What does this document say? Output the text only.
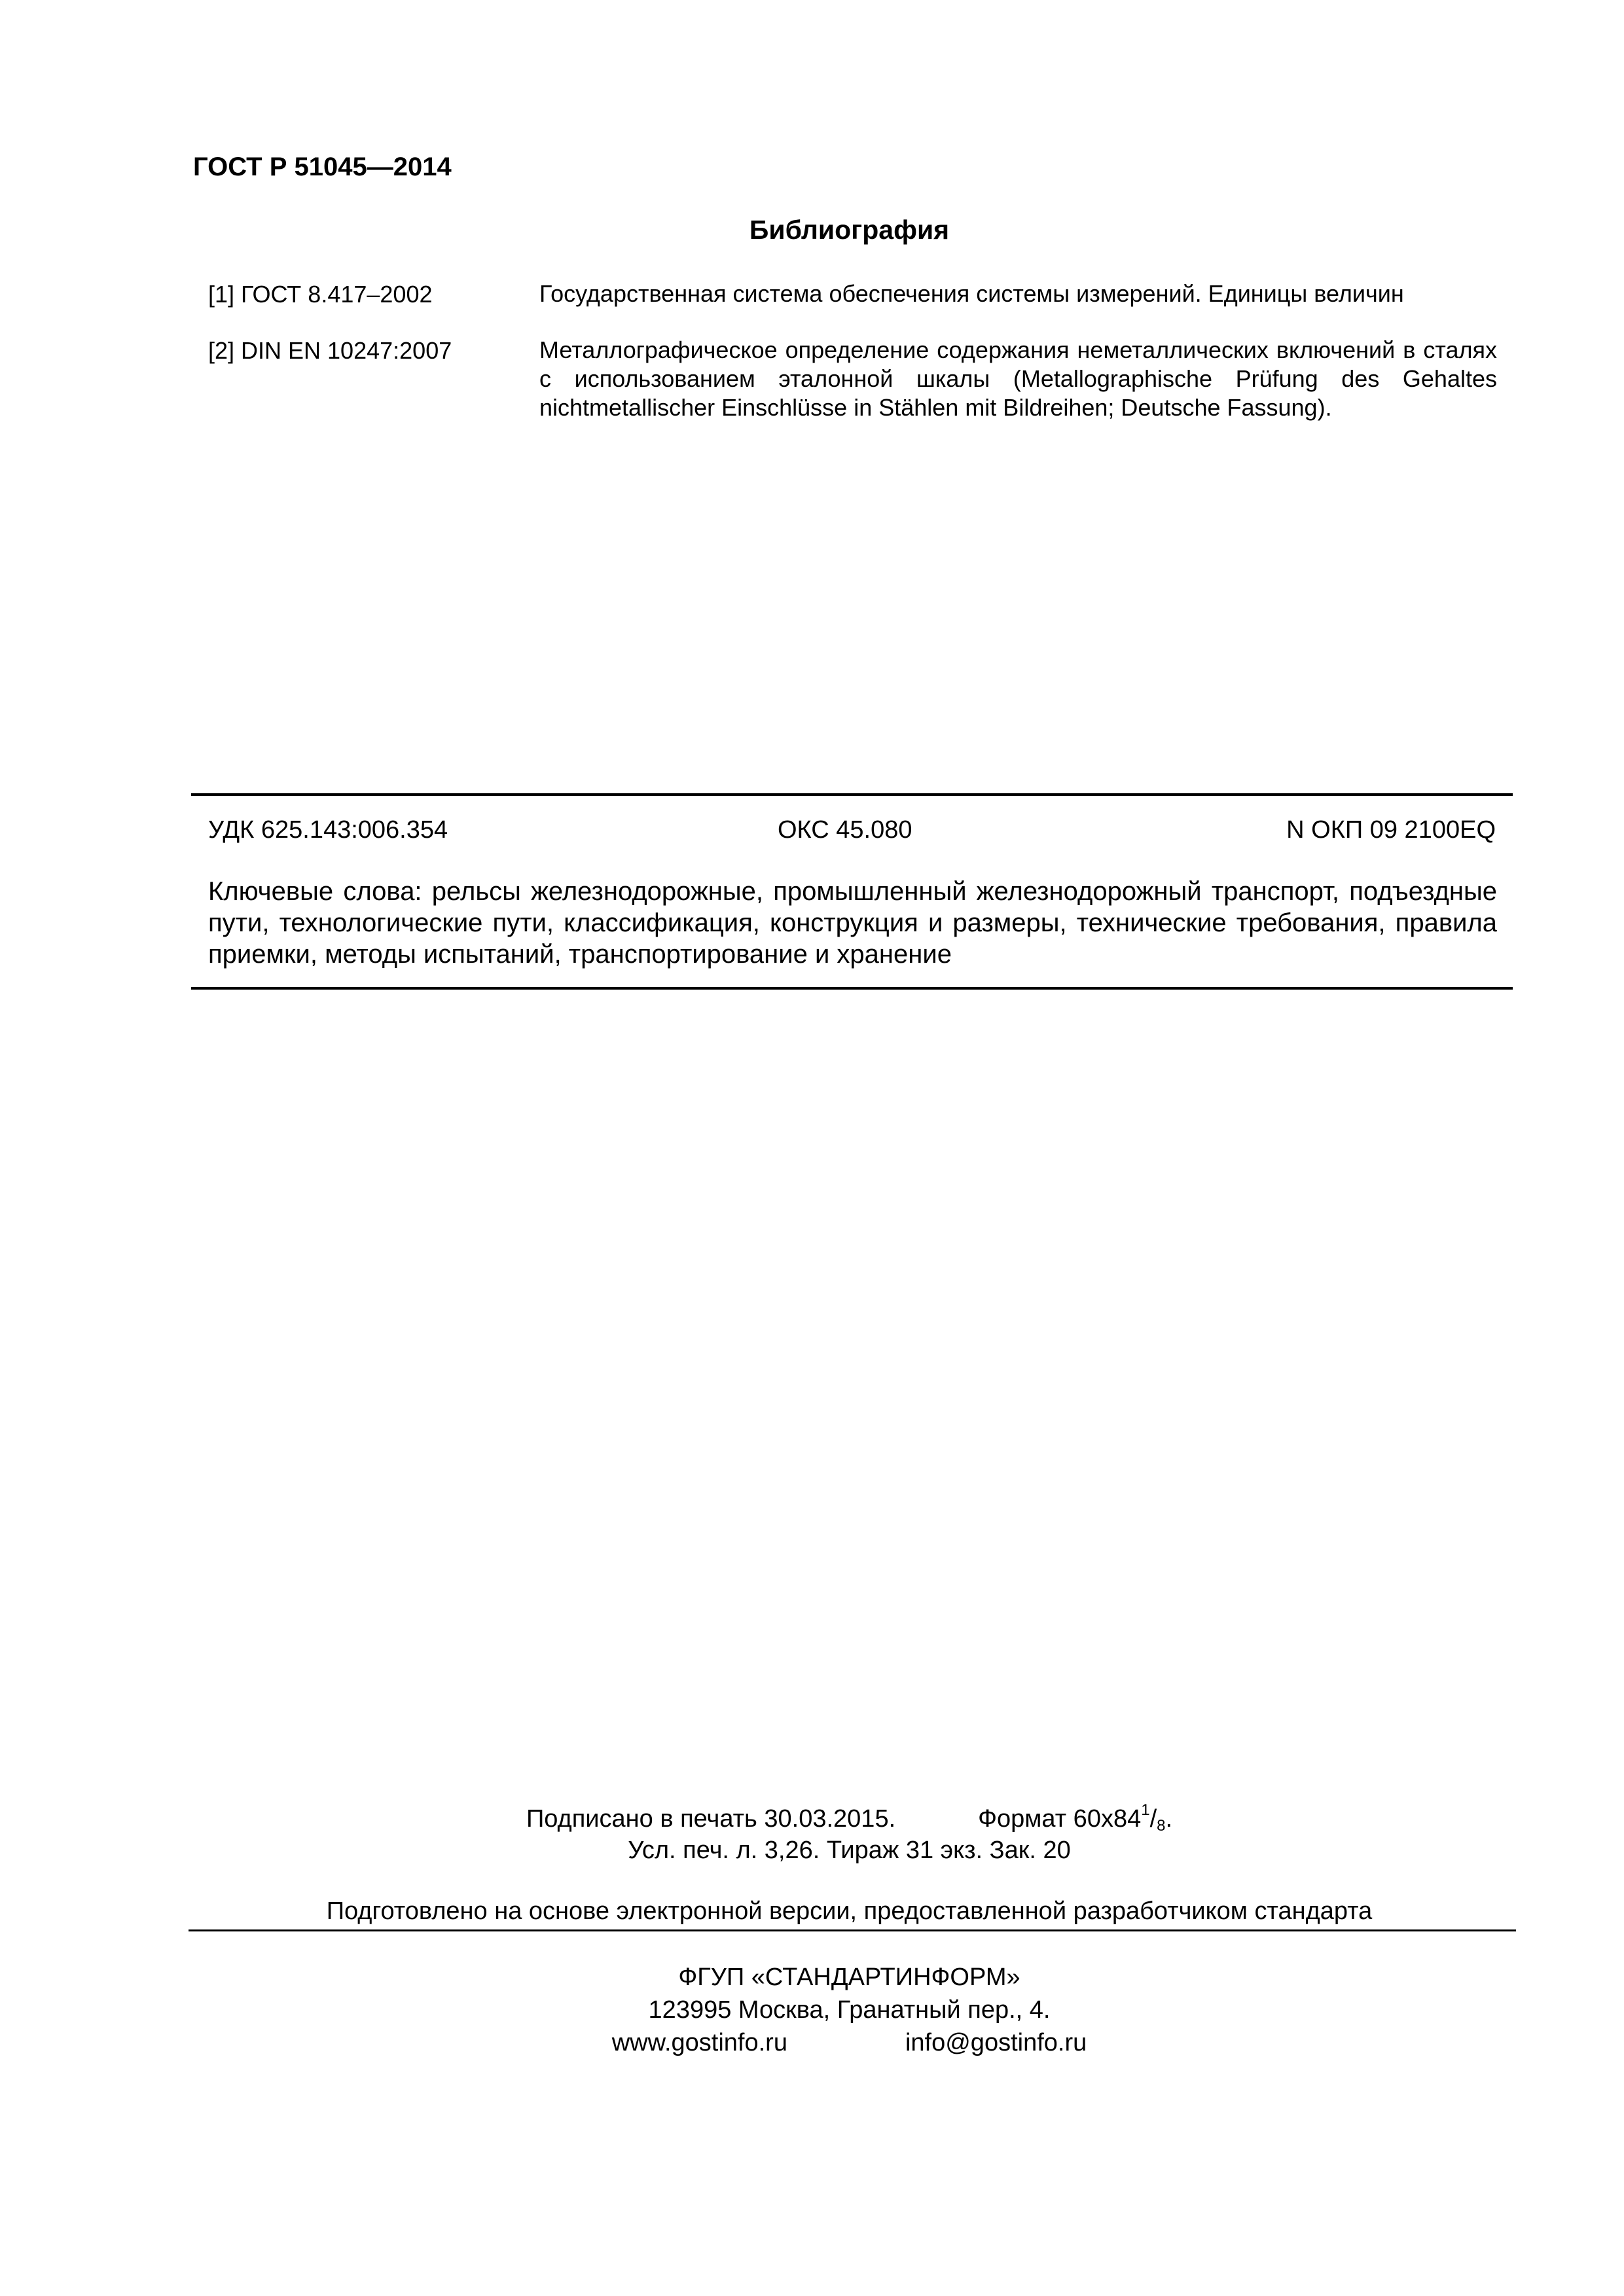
ГОСТ Р 51045—2014
Библиография
[1] ГОСТ 8.417–2002	Государственная система обеспечения системы измерений. Единицы величин
[2] DIN EN 10247:2007	Металлографическое определение содержания неметаллических включений в сталях с использованием эталонной шкалы (Metallographische Prüfung des Gehaltes nichtmetallischer Einschlüsse in Stählen mit Bildreihen; Deutsche Fassung).
УДК 625.143:006.354	ОКС 45.080	N ОКП 09 2100EQ
Ключевые слова: рельсы железнодорожные, промышленный железнодорожный транспорт, подъездные пути, технологические пути, классификация, конструкция и размеры, технические требования, правила приемки, методы испытаний, транспортирование и хранение
Подписано в печать 30.03.2015.	Формат $60x84^1/_8$.
Усл. печ. л. 3,26. Тираж 31 экз. Зак. 20
Подготовлено на основе электронной версии, предоставленной разработчиком стандарта
ФГУП «СТАНДАРТИНФОРМ»
123995 Москва, Гранатный пер., 4.
www.gostinfo.ru	info@gostinfo.ru
